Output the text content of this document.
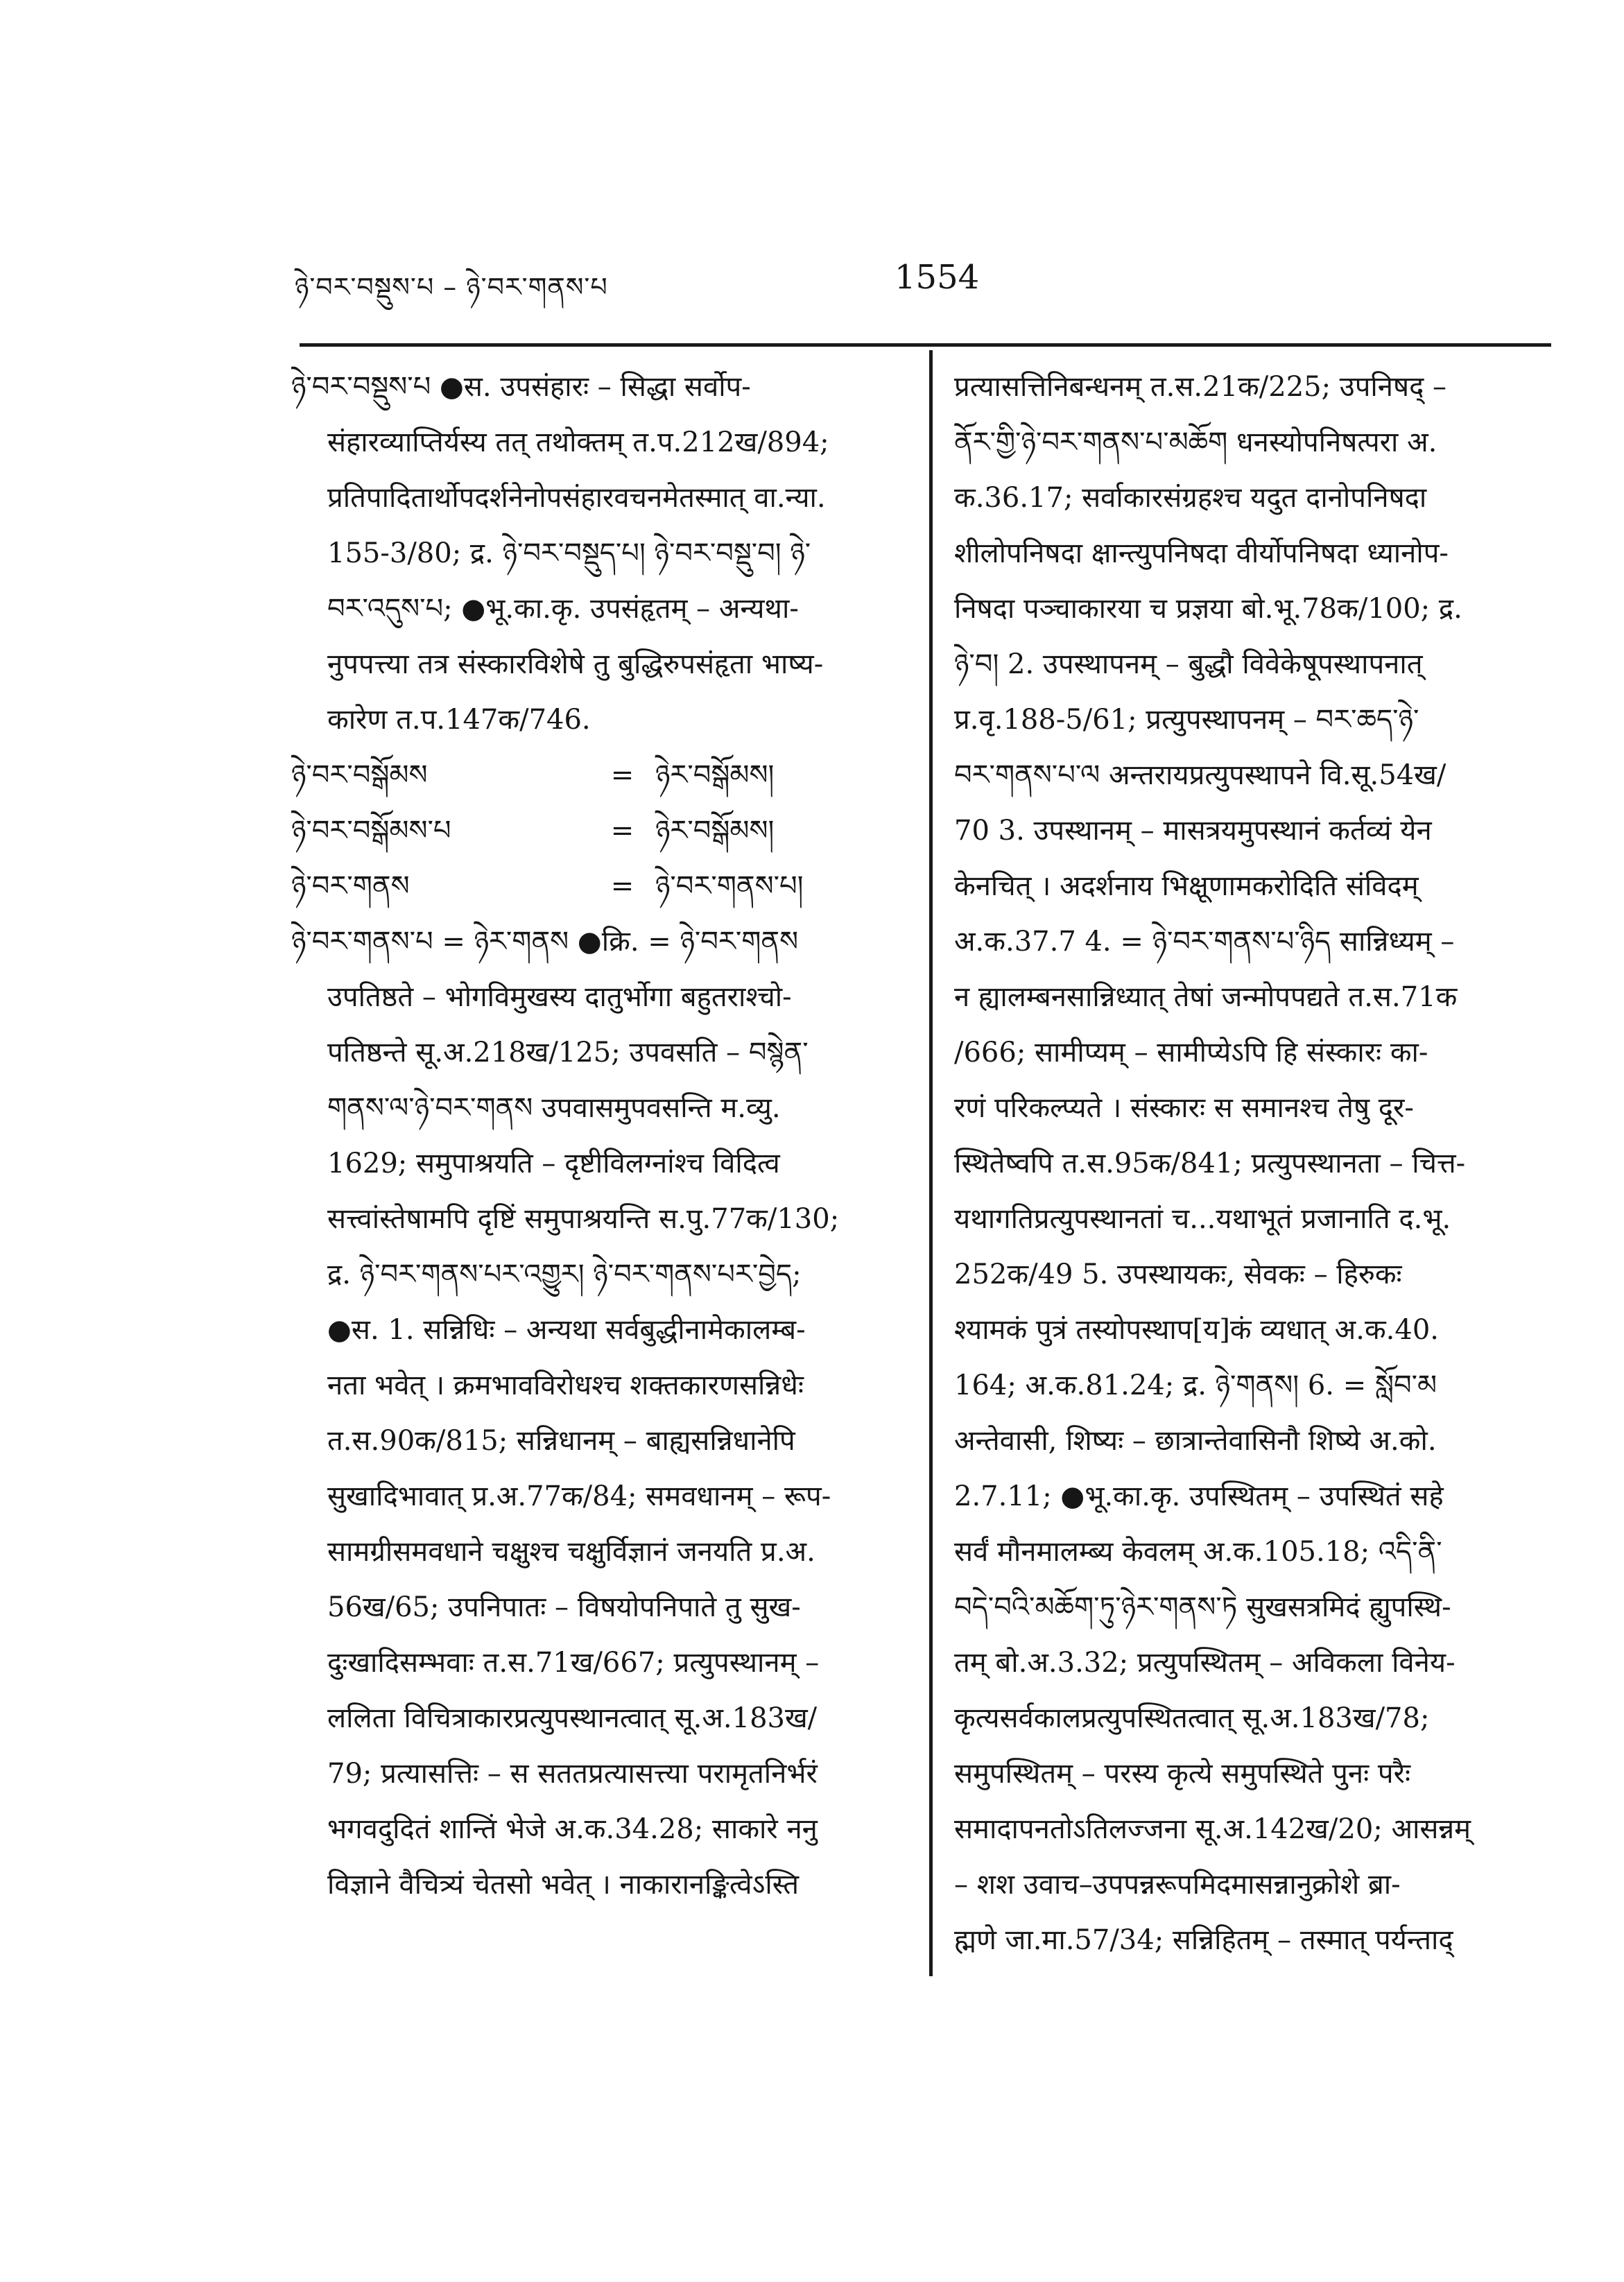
ཉེ་བར་བསྡུས་པ – ཉེ་བར་གནས་པ	1554
ཉེ་བར་བསྡུས་པ ●स. उपसंहारः – सिद्धा सर्वोप-
संहारव्याप्तिर्यस्य तत् तथोक्तम् त.प.212ख/894;
प्रतिपादितार्थोपदर्शनेनोपसंहारवचनमेतस्मात् वा.न्या.
155-3/80; द्र. ཉེ་བར་བསྡུད་པ། ཉེ་བར་བསྡུ་བ། ཉེ་
བར་འདུས་པ; ●भू.का.कृ. उपसंहृतम् – अन्यथा-
नुपपत्त्या तत्र संस्कारविशेषे तु बुद्धिरुपसंहृता भाष्य-
कारेण त.प.147क/746.
ཉེ་བར་བསྒོམས	= ཉེར་བསྒོམས།
ཉེ་བར་བསྒོམས་པ	= ཉེར་བསྒོམས།
ཉེ་བར་གནས	= ཉེ་བར་གནས་པ།
ཉེ་བར་གནས་པ = ཉེར་གནས ●क्रि. = ཉེ་བར་གནས
उपतिष्ठते – भोगविमुखस्य दातुर्भोगा बहुतराश्चो-
पतिष्ठन्ते सू.अ.218ख/125; उपवसति – བསྙེན་
གནས་ལ་ཉེ་བར་གནས उपवासमुपवसन्ति म.व्यु.
1629; समुपाश्रयति – दृष्टीविलग्नांश्च विदित्व
सत्त्वांस्तेषामपि दृष्टिं समुपाश्रयन्ति स.पु.77क/130;
द्र. ཉེ་བར་གནས་པར་འགྱུར། ཉེ་བར་གནས་པར་བྱེད;
●स. 1. सन्निधिः – अन्यथा सर्वबुद्धीनामेकालम्ब-
नता भवेत् । क्रमभावविरोधश्च शक्तकारणसन्निधेः
त.स.90क/815; सन्निधानम् – बाह्यसन्निधानेपि
सुखादिभावात् प्र.अ.77क/84; समवधानम् – रूप-
सामग्रीसमवधाने चक्षुश्च चक्षुर्विज्ञानं जनयति प्र.अ.
56ख/65; उपनिपातः – विषयोपनिपाते तु सुख-
दुःखादिसम्भवाः त.स.71ख/667; प्रत्युपस्थानम् –
ललिता विचित्राकारप्रत्युपस्थानत्वात् सू.अ.183ख/
79; प्रत्यासत्तिः – स सततप्रत्यासत्त्या परामृतनिर्भरं
भगवदुदितं शान्तिं भेजे अ.क.34.28; साकारे ननु
विज्ञाने वैचित्र्यं चेतसो भवेत् । नाकारानङ्कित्वेऽस्ति
प्रत्यासत्तिनिबन्धनम् त.स.21क/225; उपनिषद् –
ནོར་གྱི་ཉེ་བར་གནས་པ་མཆོག धनस्योपनिषत्परा अ.
क.36.17; सर्वाकारसंग्रहश्च यदुत दानोपनिषदा
शीलोपनिषदा क्षान्त्युपनिषदा वीर्योपनिषदा ध्यानोप-
निषदा पञ्चाकारया च प्रज्ञया बो.भू.78क/100; द्र.
ཉེ་བ། 2. उपस्थापनम् – बुद्धौ विवेकेषूपस्थापनात्
प्र.वृ.188-5/61; प्रत्युपस्थापनम् – བར་ཆད་ཉེ་
བར་གནས་པ་ལ अन्तरायप्रत्युपस्थापने वि.सू.54ख/
70 3. उपस्थानम् – मासत्रयमुपस्थानं कर्तव्यं येन
केनचित् । अदर्शनाय भिक्षूणामकरोदिति संविदम्
अ.क.37.7 4. = ཉེ་བར་གནས་པ་ཉིད सान्निध्यम् –
न ह्यालम्बनसान्निध्यात् तेषां जन्मोपपद्यते त.स.71क
/666; सामीप्यम् – सामीप्येऽपि हि संस्कारः का-
रणं परिकल्प्यते । संस्कारः स समानश्च तेषु दूर-
स्थितेष्वपि त.स.95क/841; प्रत्युपस्थानता – चित्त-
यथागतिप्रत्युपस्थानतां च...यथाभूतं प्रजानाति द.भू.
252क/49 5. उपस्थायकः, सेवकः – हिरुकः
श्यामकं पुत्रं तस्योपस्थाप[य]कं व्यधात् अ.क.40.
164; अ.क.81.24; द्र. ཉེ་གནས། 6. = སློབ་མ
अन्तेवासी, शिष्यः – छात्रान्तेवासिनौ शिष्ये अ.को.
2.7.11; ●भू.का.कृ. उपस्थितम् – उपस्थितं सहे
सर्वं मौनमालम्ब्य केवलम् अ.क.105.18; འདི་ནི་
བདེ་བའི་མཆོག་ཏུ་ཉེར་གནས་ཏེ सुखसत्रमिदं ह्युपस्थि-
तम् बो.अ.3.32; प्रत्युपस्थितम् – अविकला विनेय-
कृत्यसर्वकालप्रत्युपस्थितत्वात् सू.अ.183ख/78;
समुपस्थितम् – परस्य कृत्ये समुपस्थिते पुनः परैः
समादापनतोऽतिलज्जना सू.अ.142ख/20; आसन्नम्
– शश उवाच–उपपन्नरूपमिदमासन्नानुक्रोशे ब्रा-
ह्मणे जा.मा.57/34; सन्निहितम् – तस्मात् पर्यन्ताद्
